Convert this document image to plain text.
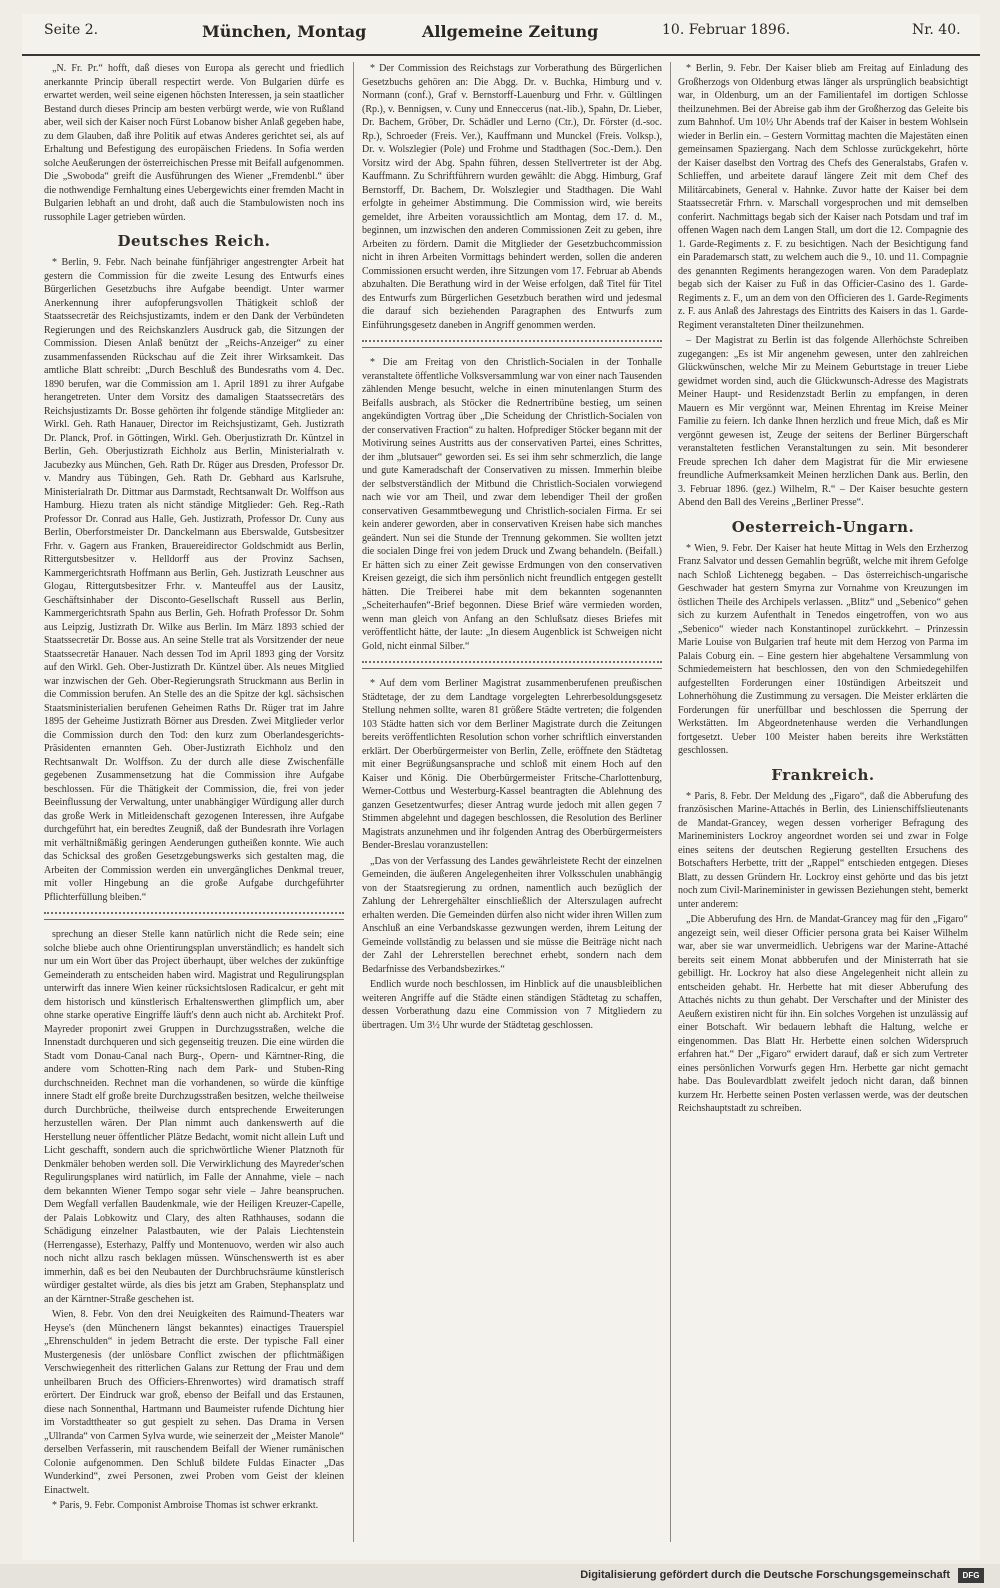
Seite 2.	München, Montag	Allgemeine Zeitung	10. Februar 1896.	Nr. 40.

„N. Fr. Pr.“ hofft, daß dieses von Europa als gerecht und friedlich anerkannte Princip überall respectirt werde. Von Bulgarien dürfe es erwartet werden, weil seine eigenen höchsten Interessen, ja sein staatlicher Bestand durch dieses Princip am besten verbürgt werde, wie von Rußland aber, weil sich der Kaiser noch Fürst Lobanow bisher Anlaß gegeben habe, zu dem Glauben, daß ihre Politik auf etwas Anderes gerichtet sei, als auf Erhaltung und Befestigung des europäischen Friedens. In Sofia werden solche Aeußerungen der österreichischen Presse mit Beifall aufgenommen. Die „Swoboda“ greift die Ausführungen des Wiener „Fremdenbl.“ über die nothwendige Fernhaltung eines Uebergewichts einer fremden Macht in Bulgarien lebhaft an und droht, daß auch die Stambulowisten noch ins russophile Lager getrieben würden.

Deutsches Reich.

* Berlin, 9. Febr. Nach beinahe fünfjähriger angestrengter Arbeit hat gestern die Commission für die zweite Lesung des Entwurfs eines Bürgerlichen Gesetzbuchs ihre Aufgabe beendigt. Unter warmer Anerkennung ihrer aufopferungsvollen Thätigkeit schloß der Staatssecretär des Reichsjustizamts, indem er den Dank der Verbündeten Regierungen und des Reichskanzlers Ausdruck gab, die Sitzungen der Commission. Diesen Anlaß benützt der „Reichs-Anzeiger“ zu einer zusammenfassenden Rückschau auf die Zeit ihrer Wirksamkeit. Das amtliche Blatt schreibt: „Durch Beschluß des Bundesraths vom 4. Dec. 1890 berufen, war die Commission am 1. April 1891 zu ihrer Aufgabe herangetreten. Unter dem Vorsitz des damaligen Staatssecretärs des Reichsjustizamts Dr. Bosse gehörten ihr folgende ständige Mitglieder an: Wirkl. Geh. Rath Hanauer, Director im Reichsjustizamt, Geh. Justizrath Dr. Planck, Prof. in Göttingen, Wirkl. Geh. Oberjustizrath Dr. Küntzel in Berlin, Geh. Oberjustizrath Eichholz aus Berlin, Ministerialrath v. Jacubezky aus München, Geh. Rath Dr. Rüger aus Dresden, Professor Dr. v. Mandry aus Tübingen, Geh. Rath Dr. Gebhard aus Karlsruhe, Ministerialrath Dr. Dittmar aus Darmstadt, Rechtsanwalt Dr. Wolffson aus Hamburg. Hiezu traten als nicht ständige Mitglieder: Geh. Reg.-Rath Professor Dr. Conrad aus Halle, Geh. Justizrath, Professor Dr. Cuny aus Berlin, Oberforstmeister Dr. Danckelmann aus Eberswalde, Gutsbesitzer Frhr. v. Gagern aus Franken, Brauereidirector Goldschmidt aus Berlin, Rittergutsbesitzer v. Helldorff aus der Provinz Sachsen, Kammergerichtsrath Hoffmann aus Berlin, Geh. Justizrath Leuschner aus Glogau, Rittergutsbesitzer Frhr. v. Manteuffel aus der Lausitz, Geschäftsinhaber der Disconto-Gesellschaft Russell aus Berlin, Kammergerichtsrath Spahn aus Berlin, Geh. Hofrath Professor Dr. Sohm aus Leipzig, Justizrath Dr. Wilke aus Berlin. Im März 1893 schied der Staatssecretär Dr. Bosse aus. An seine Stelle trat als Vorsitzender der neue Staatssecretär Hanauer. Nach dessen Tod im April 1893 ging der Vorsitz auf den Wirkl. Geh. Ober-Justizrath Dr. Küntzel über. Als neues Mitglied war inzwischen der Geh. Ober-Regierungsrath Struckmann aus Berlin in die Commission berufen. An Stelle des an die Spitze der kgl. sächsischen Staatsministerialien berufenen Geheimen Raths Dr. Rüger trat im Jahre 1895 der Geheime Justizrath Börner aus Dresden. Zwei Mitglieder verlor die Commission durch den Tod: den kurz zum Oberlandesgerichts-Präsidenten ernannten Geh. Ober-Justizrath Eichholz und den Rechtsanwalt Dr. Wolffson. Zu der durch alle diese Zwischenfälle gegebenen Zusammensetzung hat die Commission ihre Aufgabe beschlossen. Für die Thätigkeit der Commission, die, frei von jeder Beeinflussung der Verwaltung, unter unabhängiger Würdigung aller durch das große Werk in Mitleidenschaft gezogenen Interessen, ihre Aufgabe durchgeführt hat, ein beredtes Zeugniß, daß der Bundesrath ihre Vorlagen mit verhältnißmäßig geringen Aenderungen gutheißen konnte. Wie auch das Schicksal des großen Gesetzgebungswerks sich gestalten mag, die Arbeiten der Commission werden ein unvergängliches Denkmal treuer, mit voller Hingebung an die große Aufgabe durchgeführter Pflichterfüllung bleiben.“

sprechung an dieser Stelle kann natürlich nicht die Rede sein; eine solche bliebe auch ohne Orientirungsplan unverständlich; es handelt sich nur um ein Wort über das Project überhaupt, über welches der zukünftige Gemeinderath zu entscheiden haben wird. Magistrat und Regulirungsplan unterwirft das innere Wien keiner rücksichtslosen Radicalcur, er geht mit dem historisch und künstlerisch Erhaltenswerthen glimpflich um, aber ohne starke operative Eingriffe läuft's denn auch nicht ab. Architekt Prof. Mayreder proponirt zwei Gruppen in Durchzugsstraßen, welche die Innenstadt durchqueren und sich gegenseitig treuzen. Die eine würden die Stadt vom Donau-Canal nach Burg-, Opern- und Kärntner-Ring, die andere vom Schotten-Ring nach dem Park- und Stuben-Ring durchschneiden. Rechnet man die vorhandenen, so würde die künftige innere Stadt elf große breite Durchzugsstraßen besitzen, welche theilweise durch Durchbrüche, theilweise durch entsprechende Erweiterungen herzustellen wären. Der Plan nimmt auch dankenswerth auf die Herstellung neuer öffentlicher Plätze Bedacht, womit nicht allein Luft und Licht geschafft, sondern auch die sprichwörtliche Wiener Platznoth für Denkmäler behoben werden soll. Die Verwirklichung des Mayreder'schen Regulirungsplanes wird natürlich, im Falle der Annahme, viele – nach dem bekannten Wiener Tempo sogar sehr viele – Jahre beanspruchen. Dem Wegfall verfallen Baudenkmale, wie der Heiligen Kreuzer-Capelle, der Palais Lobkowitz und Clary, des alten Rathhauses, sodann die Schädigung einzelner Palastbauten, wie der Palais Liechtenstein (Herrengasse), Esterhazy, Palffy und Montenuovo, werden wir also auch noch nicht allzu rasch beklagen müssen. Wünschenswerth ist es aber immerhin, daß es bei den Neubauten der Durchbruchsräume künstlerisch würdiger gestaltet würde, als dies bis jetzt am Graben, Stephansplatz und an der Kärntner-Straße geschehen ist.

Wien, 8. Febr. Von den drei Neuigkeiten des Raimund-Theaters war Heyse's (den Münchenern längst bekanntes) einactiges Trauerspiel „Ehrenschulden“ in jedem Betracht die erste. Der typische Fall einer Mustergenesis (der unlösbare Conflict zwischen der pflichtmäßigen Verschwiegenheit des ritterlichen Galans zur Rettung der Frau und dem unheilbaren Bruch des Officiers-Ehrenwortes) wird dramatisch straff erörtert. Der Eindruck war groß, ebenso der Beifall und das Erstaunen, diese nach Sonnenthal, Hartmann und Baumeister rufende Dichtung hier im Vorstadttheater so gut gespielt zu sehen. Das Drama in Versen „Ullranda“ von Carmen Sylva wurde, wie seinerzeit der „Meister Manole“ derselben Verfasserin, mit rauschendem Beifall der Wiener rumänischen Colonie aufgenommen. Den Schluß bildete Fuldas Einacter „Das Wunderkind“, zwei Personen, zwei Proben vom Geist der kleinen Einactwelt.

* Paris, 9. Febr. Componist Ambroise Thomas ist schwer erkrankt.

* Der Commission des Reichstags zur Vorberathung des Bürgerlichen Gesetzbuchs gehören an: Die Abgg. Dr. v. Buchka, Himburg und v. Normann (conf.), Graf v. Bernstorff-Lauenburg und Frhr. v. Gültlingen (Rp.), v. Bennigsen, v. Cuny und Enneccerus (nat.-lib.), Spahn, Dr. Lieber, Dr. Bachem, Gröber, Dr. Schädler und Lerno (Ctr.), Dr. Förster (d.-soc. Rp.), Schroeder (Freis. Ver.), Kauffmann und Munckel (Freis. Volksp.), Dr. v. Wolszlegier (Pole) und Frohme und Stadthagen (Soc.-Dem.). Den Vorsitz wird der Abg. Spahn führen, dessen Stellvertreter ist der Abg. Kauffmann. Zu Schriftführern wurden gewählt: die Abgg. Himburg, Graf Bernstorff, Dr. Bachem, Dr. Wolszlegier und Stadthagen. Die Wahl erfolgte in geheimer Abstimmung. Die Commission wird, wie bereits gemeldet, ihre Arbeiten voraussichtlich am Montag, dem 17. d. M., beginnen, um inzwischen den anderen Commissionen Zeit zu geben, ihre Arbeiten zu fördern. Damit die Mitglieder der Gesetzbuchcommission nicht in ihren Arbeiten Vormittags behindert werden, sollen die anderen Commissionen ersucht werden, ihre Sitzungen vom 17. Februar ab Abends abzuhalten. Die Berathung wird in der Weise erfolgen, daß Titel für Titel des Entwurfs zum Bürgerlichen Gesetzbuch berathen wird und jedesmal die darauf sich beziehenden Paragraphen des Entwurfs zum Einführungsgesetz daneben in Angriff genommen werden.

* Die am Freitag von den Christlich-Socialen in der Tonhalle veranstaltete öffentliche Volksversammlung war von einer nach Tausenden zählenden Menge besucht, welche in einen minutenlangen Sturm des Beifalls ausbrach, als Stöcker die Rednertribüne bestieg, um seinen angekündigten Vortrag über „Die Scheidung der Christlich-Socialen von der conservativen Fraction“ zu halten. Hofprediger Stöcker begann mit der Motivirung seines Austritts aus der conservativen Partei, eines Schrittes, der ihm „blutsauer“ geworden sei. Es sei ihm sehr schmerzlich, die lange und gute Kameradschaft der Conservativen zu missen. Immerhin bleibe der selbstverständlich der Mitbund die Christlich-Socialen vorwiegend nach wie vor am Theil, und zwar dem lebendiger Theil der großen conservativen Gesammtbewegung und Christlich-socialen Firma. Er sei kein anderer geworden, aber in conservativen Kreisen habe sich manches geändert. Nun sei die Stunde der Trennung gekommen. Sie wollten jetzt die socialen Dinge frei von jedem Druck und Zwang behandeln. (Beifall.) Er hätten sich zu einer Zeit gewisse Erdmungen von den conservativen Kreisen gezeigt, die sich ihm persönlich nicht freundlich entgegen gestellt hätten. Die Treiberei habe mit dem bekannten sogenannten „Scheiterhaufen“-Brief begonnen. Diese Brief wäre vermieden worden, wenn man gleich von Anfang an den Schlußsatz dieses Briefes mit veröffentlicht hätte, der laute: „In diesem Augenblick ist Schweigen nicht Gold, nicht einmal Silber.“

* Auf dem vom Berliner Magistrat zusammenberufenen preußischen Städtetage, der zu dem Landtage vorgelegten Lehrerbesoldungsgesetz Stellung nehmen sollte, waren 81 größere Städte vertreten; die folgenden 103 Städte hatten sich vor dem Berliner Magistrate durch die Zeitungen bereits veröffentlichten Resolution schon vorher schriftlich einverstanden erklärt. Der Oberbürgermeister von Berlin, Zelle, eröffnete den Städtetag mit einer Begrüßungsansprache und schloß mit einem Hoch auf den Kaiser und König. Die Oberbürgermeister Fritsche-Charlottenburg, Werner-Cottbus und Westerburg-Kassel beantragten die Ablehnung des ganzen Gesetzentwurfes; dieser Antrag wurde jedoch mit allen gegen 7 Stimmen abgelehnt und dagegen beschlossen, die Resolution des Berliner Magistrats anzunehmen und ihr folgenden Antrag des Oberbürgermeisters Bender-Breslau voranzustellen:

„Das von der Verfassung des Landes gewährleistete Recht der einzelnen Gemeinden, die äußeren Angelegenheiten ihrer Volksschulen unabhängig von der Staatsregierung zu ordnen, namentlich auch bezüglich der Zahlung der Lehrergehälter einschließlich der Alterszulagen aufrecht erhalten werden. Die Gemeinden dürfen also nicht wider ihren Willen zum Anschluß an eine Verbandskasse gezwungen werden, ihrem Leitung der Gemeinde vollständig zu belassen und sie müsse die Beiträge nicht nach der Zahl der Lehrerstellen berechnet erhebt, sondern nach dem Bedarfnisse des Verbandsbezirkes.“

Endlich wurde noch beschlossen, im Hinblick auf die unausbleiblichen weiteren Angriffe auf die Städte einen ständigen Städtetag zu schaffen, dessen Vorberathung dazu eine Commission von 7 Mitgliedern zu übertragen. Um 3½ Uhr wurde der Städtetag geschlossen.

* Berlin, 9. Febr. Der Kaiser blieb am Freitag auf Einladung des Großherzogs von Oldenburg etwas länger als ursprünglich beabsichtigt war, in Oldenburg, um an der Familientafel im dortigen Schlosse theilzunehmen. Bei der Abreise gab ihm der Großherzog das Geleite bis zum Bahnhof. Um 10½ Uhr Abends traf der Kaiser in bestem Wohlsein wieder in Berlin ein. – Gestern Vormittag machten die Majestäten einen gemeinsamen Spaziergang. Nach dem Schlosse zurückgekehrt, hörte der Kaiser daselbst den Vortrag des Chefs des Generalstabs, Grafen v. Schlieffen, und arbeitete darauf längere Zeit mit dem Chef des Militärcabinets, General v. Hahnke. Zuvor hatte der Kaiser bei dem Staatssecretär Frhrn. v. Marschall vorgesprochen und mit demselben conferirt. Nachmittags begab sich der Kaiser nach Potsdam und traf im offenen Wagen nach dem Langen Stall, um dort die 12. Compagnie des 1. Garde-Regiments z. F. zu besichtigen. Nach der Besichtigung fand ein Parademarsch statt, zu welchem auch die 9., 10. und 11. Compagnie des genannten Regiments herangezogen waren. Von dem Paradeplatz begab sich der Kaiser zu Fuß in das Officier-Casino des 1. Garde-Regiments z. F., um an dem von den Officieren des 1. Garde-Regiments z. F. aus Anlaß des Jahrestags des Eintritts des Kaisers in das 1. Garde-Regiment veranstalteten Diner theilzunehmen.

– Der Magistrat zu Berlin ist das folgende Allerhöchste Schreiben zugegangen: „Es ist Mir angenehm gewesen, unter den zahlreichen Glückwünschen, welche Mir zu Meinem Geburtstage in treuer Liebe gewidmet worden sind, auch die Glückwunsch-Adresse des Magistrats Meiner Haupt- und Residenzstadt Berlin zu empfangen, in deren Mauern es Mir vergönnt war, Meinen Ehrentag im Kreise Meiner Familie zu feiern. Ich danke Ihnen herzlich und freue Mich, daß es Mir vergönnt gewesen ist, Zeuge der seitens der Berliner Bürgerschaft veranstalteten festlichen Veranstaltungen zu sein. Mit besonderer Freude sprechen Ich daher dem Magistrat für die Mir erwiesene freundliche Aufmerksamkeit Meinen herzlichen Dank aus. Berlin, den 3. Februar 1896. (gez.) Wilhelm, R.“ – Der Kaiser besuchte gestern Abend den Ball des Vereins „Berliner Presse“.

Oesterreich-Ungarn.

* Wien, 9. Febr. Der Kaiser hat heute Mittag in Wels den Erzherzog Franz Salvator und dessen Gemahlin begrüßt, welche mit ihrem Gefolge nach Schloß Lichtenegg begaben. – Das österreichisch-ungarische Geschwader hat gestern Smyrna zur Vornahme von Kreuzungen im östlichen Theile des Archipels verlassen. „Blitz“ und „Sebenico“ gehen sich zu kurzem Aufenthalt in Tenedos eingetroffen, von wo aus „Sebenico“ wieder nach Konstantinopel zurückkehrt. – Prinzessin Marie Louise von Bulgarien traf heute mit dem Herzog von Parma im Palais Coburg ein. – Eine gestern hier abgehaltene Versammlung von Schmiedemeistern hat beschlossen, den von den Schmiedegehilfen aufgestellten Forderungen einer 10stündigen Arbeitszeit und Lohnerhöhung die Zustimmung zu versagen. Die Meister erklärten die Forderungen für unerfüllbar und beschlossen die Sperrung der Werkstätten. Im Abgeordnetenhause werden die Verhandlungen fortgesetzt. Ueber 100 Meister haben bereits ihre Werkstätten geschlossen.

Frankreich.

* Paris, 8. Febr. Der Meldung des „Figaro“, daß die Abberufung des französischen Marine-Attachés in Berlin, des Linienschiffslieutenants de Mandat-Grancey, wegen dessen vorheriger Befragung des Marineministers Lockroy angeordnet worden sei und zwar in Folge eines seitens der deutschen Regierung gestellten Ersuchens des Botschafters Herbette, tritt der „Rappel“ entschieden entgegen. Dieses Blatt, zu dessen Gründern Hr. Lockroy einst gehörte und das bis jetzt noch zum Civil-Marineminister in gewissen Beziehungen steht, bemerkt unter anderem:

„Die Abberufung des Hrn. de Mandat-Grancey mag für den „Figaro“ angezeigt sein, weil dieser Officier persona grata bei Kaiser Wilhelm war, aber sie war unvermeidlich. Uebrigens war der Marine-Attaché bereits seit einem Monat abbberufen und der Ministerrath hat sie gebilligt. Hr. Lockroy hat also diese Angelegenheit nicht allein zu entscheiden gehabt. Hr. Herbette hat mit dieser Abberufung des Attachés nichts zu thun gehabt. Der Verschafter und der Minister des Aeußern existiren nicht für ihn. Ein solches Vorgehen ist unzulässig auf einer Botschaft. Wir bedauern lebhaft die Haltung, welche er eingenommen. Das Blatt Hr. Herbette einen solchen Widerspruch erfahren hat.“ Der „Figaro“ erwidert darauf, daß er sich zum Vertreter eines persönlichen Vorwurfs gegen Hrn. Herbette gar nicht gemacht habe. Das Boulevardblatt zweifelt jedoch nicht daran, daß binnen kurzem Hr. Herbette seinen Posten verlassen werde, was der deutschen Reichshauptstadt zu schreiben.

Digitalisierung gefördert durch die Deutsche Forschungsgemeinschaft	DFG
